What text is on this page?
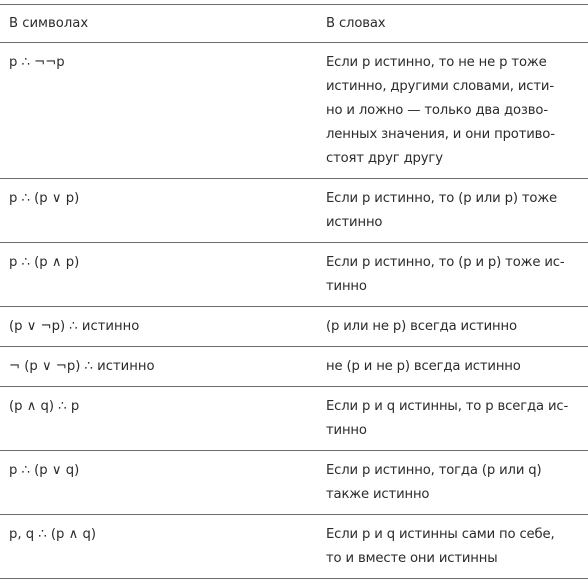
В символах	В словах
p ∴ ¬¬p	Если p истинно, то не не p тоже
истинно, другими словами, исти-
но и ложно — только два дозво-
ленных значения, и они противо-
стоят друг другу
p ∴ (p ∨ p)	Если p истинно, то (p или p) тоже
истинно
p ∴ (p ∧ p)	Если p истинно, то (p и p) тоже ис-
тинно
(p ∨ ¬p) ∴ истинно	(p или не p) всегда истинно
¬ (p ∨ ¬p) ∴ истинно	не (p и не p) всегда истинно
(p ∧ q) ∴ p	Если p и q истинны, то p всегда ис-
тинно
p ∴ (p ∨ q)	Если p истинно, тогда (p или q)
также истинно
p, q ∴ (p ∧ q)	Если p и q истинны сами по себе,
то и вместе они истинны
